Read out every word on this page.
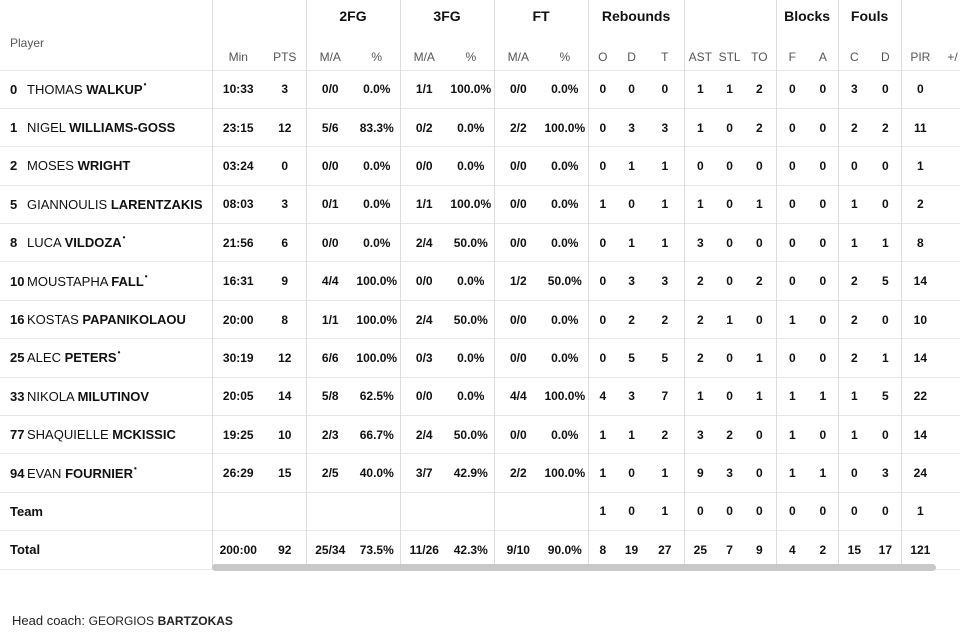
			2FG		3FG		FT		Rebounds						Blocks		Fouls			
Player	Min	PTS	M/A	%	M/A	%	M/A	%	O	D	T	AST	STL	TO	F	A	C	D	PIR	+/
0 THOMAS WALKUP•	10:33	3	0/0	0.0%	1/1	100.0%	0/0	0.0%	0	0	0	1	1	2	0	0	3	0	0	
1 NIGEL WILLIAMS-GOSS	23:15	12	5/6	83.3%	0/2	0.0%	2/2	100.0%	0	3	3	1	0	2	0	0	2	2	11	
2 MOSES WRIGHT	03:24	0	0/0	0.0%	0/0	0.0%	0/0	0.0%	0	1	1	0	0	0	0	0	0	0	1	
5 GIANNOULIS LARENTZAKIS	08:03	3	0/1	0.0%	1/1	100.0%	0/0	0.0%	1	0	1	1	0	1	0	0	1	0	2	
8 LUCA VILDOZA•	21:56	6	0/0	0.0%	2/4	50.0%	0/0	0.0%	0	1	1	3	0	0	0	0	1	1	8	
10 MOUSTAPHA FALL•	16:31	9	4/4	100.0%	0/0	0.0%	1/2	50.0%	0	3	3	2	0	2	0	0	2	5	14	
16 KOSTAS PAPANIKOLAOU	20:00	8	1/1	100.0%	2/4	50.0%	0/0	0.0%	0	2	2	2	1	0	1	0	2	0	10	
25 ALEC PETERS•	30:19	12	6/6	100.0%	0/3	0.0%	0/0	0.0%	0	5	5	2	0	1	0	0	2	1	14	
33 NIKOLA MILUTINOV	20:05	14	5/8	62.5%	0/0	0.0%	4/4	100.0%	4	3	7	1	0	1	1	1	1	5	22	
77 SHAQUIELLE MCKISSIC	19:25	10	2/3	66.7%	2/4	50.0%	0/0	0.0%	1	1	2	3	2	0	1	0	1	0	14	
94 EVAN FOURNIER•	26:29	15	2/5	40.0%	3/7	42.9%	2/2	100.0%	1	0	1	9	3	0	1	1	0	3	24	
Team									1	0	1	0	0	0	0	0	0	0	1	
Total	200:00	92	25/34	73.5%	11/26	42.3%	9/10	90.0%	8	19	27	25	7	9	4	2	15	17	121	
Head coach: GEORGIOS BARTZOKAS
